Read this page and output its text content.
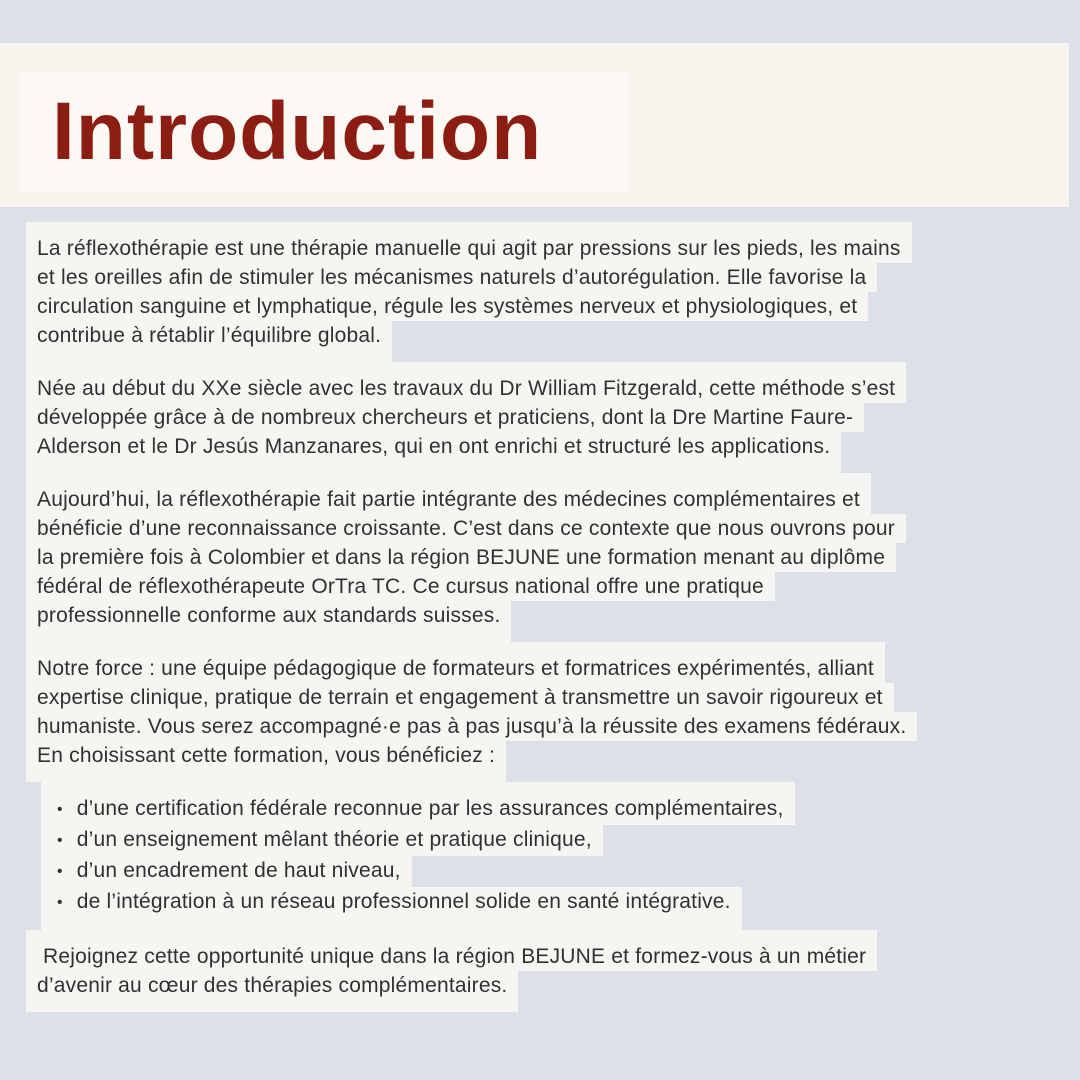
Introduction
La réflexothérapie est une thérapie manuelle qui agit par pressions sur les pieds, les mains
et les oreilles afin de stimuler les mécanismes naturels d’autorégulation. Elle favorise la
circulation sanguine et lymphatique, régule les systèmes nerveux et physiologiques, et
contribue à rétablir l’équilibre global.
Née au début du XXe siècle avec les travaux du Dr William Fitzgerald, cette méthode s’est
développée grâce à de nombreux chercheurs et praticiens, dont la Dre Martine Faure-
Alderson et le Dr Jesús Manzanares, qui en ont enrichi et structuré les applications.
Aujourd’hui, la réflexothérapie fait partie intégrante des médecines complémentaires et
bénéficie d’une reconnaissance croissante. C’est dans ce contexte que nous ouvrons pour
la première fois à Colombier et dans la région BEJUNE une formation menant au diplôme
fédéral de réflexothérapeute OrTra TC. Ce cursus national offre une pratique
professionnelle conforme aux standards suisses.
Notre force : une équipe pédagogique de formateurs et formatrices expérimentés, alliant
expertise clinique, pratique de terrain et engagement à transmettre un savoir rigoureux et
humaniste. Vous serez accompagné·e pas à pas jusqu’à la réussite des examens fédéraux.
En choisissant cette formation, vous bénéficiez :
• d’une certification fédérale reconnue par les assurances complémentaires,
• d’un enseignement mêlant théorie et pratique clinique,
• d’un encadrement de haut niveau,
• de l’intégration à un réseau professionnel solide en santé intégrative.
Rejoignez cette opportunité unique dans la région BEJUNE et formez-vous à un métier
d’avenir au cœur des thérapies complémentaires.
